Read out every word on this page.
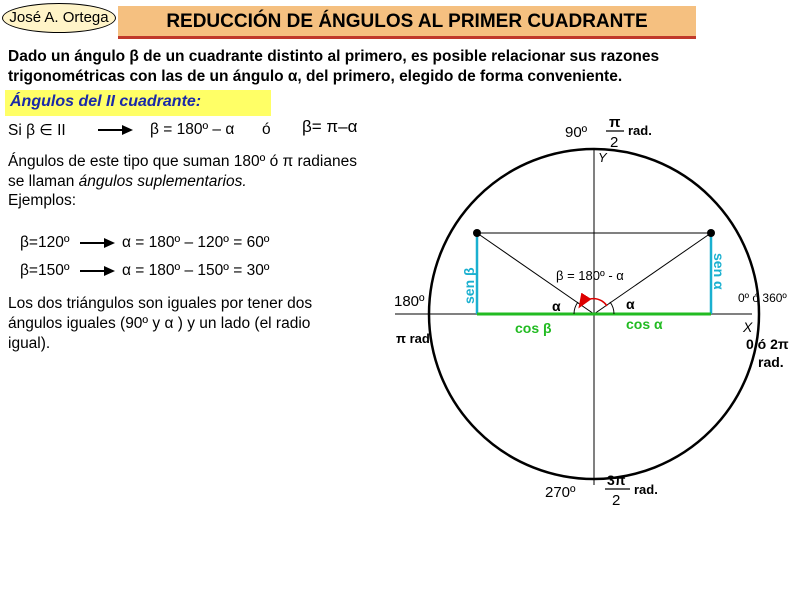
José A. Ortega	REDUCCIÓN DE ÁNGULOS AL PRIMER CUADRANTE
Dado un ángulo β de un cuadrante distinto al primero, es posible relacionar sus razones
trigonométricas con las de un ángulo α, del primero, elegido de forma conveniente.
Ángulos del II cuadrante:
Si β ∈ II	β = 180º – α ó β= π–α
Ángulos de este tipo que suman 180º ó π radianes
se llaman ángulos suplementarios.
Ejemplos:
β=120º	α = 180º – 120º = 60º
β=150º	α = 180º – 150º = 30º
Los dos triángulos son iguales por tener dos
ángulos iguales (90º y α ) y un lado (el radio
igual).
90º
π
2
rad.
Y
180º
π rad.
0º ó 360º
X
0 ó 2π
rad.
270º
3π
2
rad.
β = 180º - α
α	α
cos β	cos α
sen β	sen α
